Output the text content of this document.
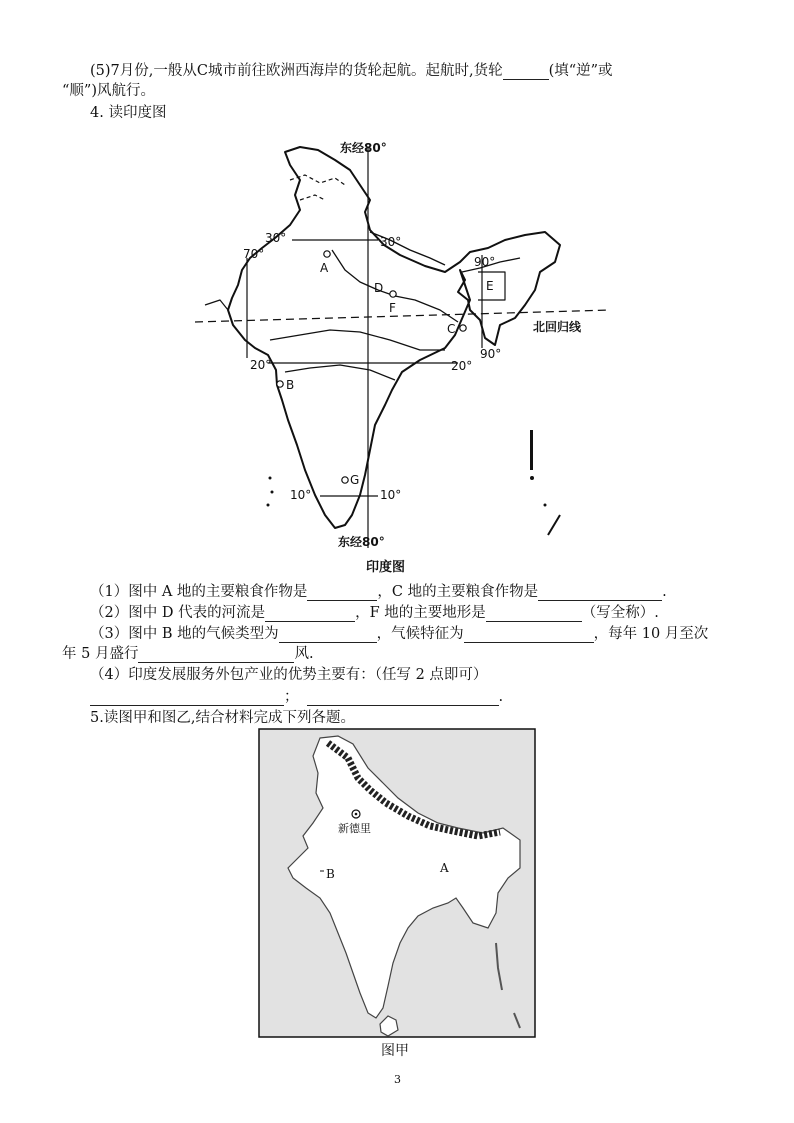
(5)7月份,一般从C城市前往欧洲西海岸的货轮起航。起航时,货轮	(填“逆”或
“顺”)风航行。
4. 读印度图
东经80°
30°	30°
70°
90°
90°
20°	20°
10°	10°
北回归线
东经80°
A
D
F
C
E
B
G
印度图
（1）图中 A 地的主要粮食作物是	，C 地的主要粮食作物是	.
（2）图中 D 代表的河流是	，F 地的主要地形是	（写全称）.
（3）图中 B 地的气候类型为	，气候特征为	，每年 10 月至次
年 5 月盛行	风.
（4）印度发展服务外包产业的优势主要有：（任写 2 点即可）
；	.
5.读图甲和图乙,结合材料完成下列各题。
新德里
A
B
图甲
3
